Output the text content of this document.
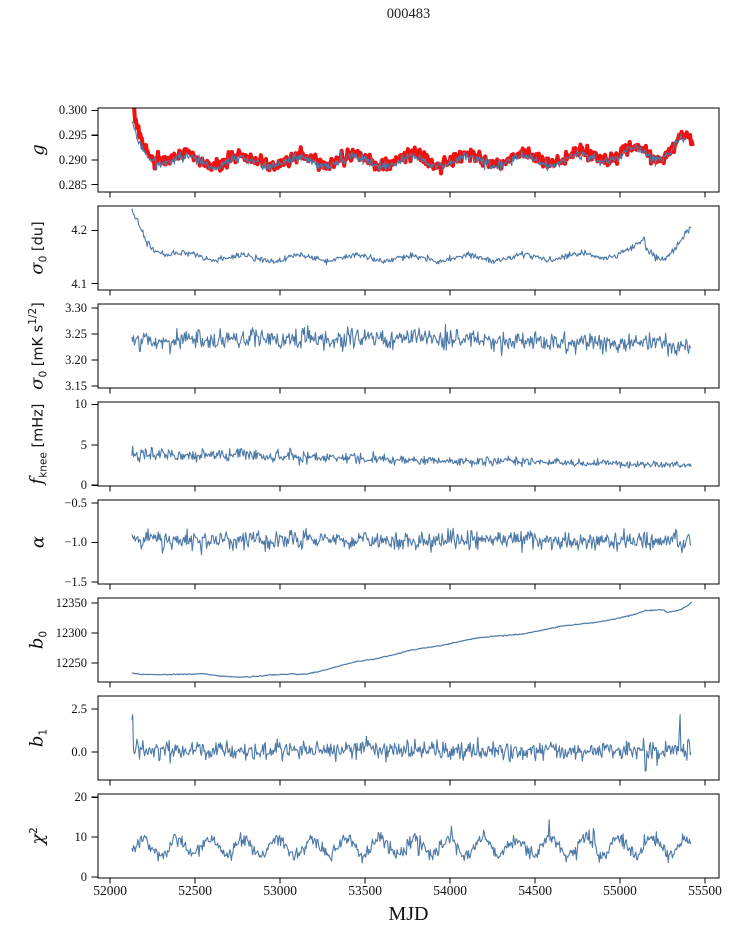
000483
0.285
0.290
0.295
0.300
g
4.1
4.2
$\sigma_0$ [du]
3.15
3.20
3.25
3.30
$\sigma_0$ [mK $s^{1/2}$]
0
5
10
$f_{knee}$ [mHz]
−1.5
−1.0
−0.5
α
12250
12300
12350
$b_0$
0.0
2.5
$b_1$
0
10
20
$\chi^2$
52000	52500	53000	53500	54000	54500	55000	55500
MJD
